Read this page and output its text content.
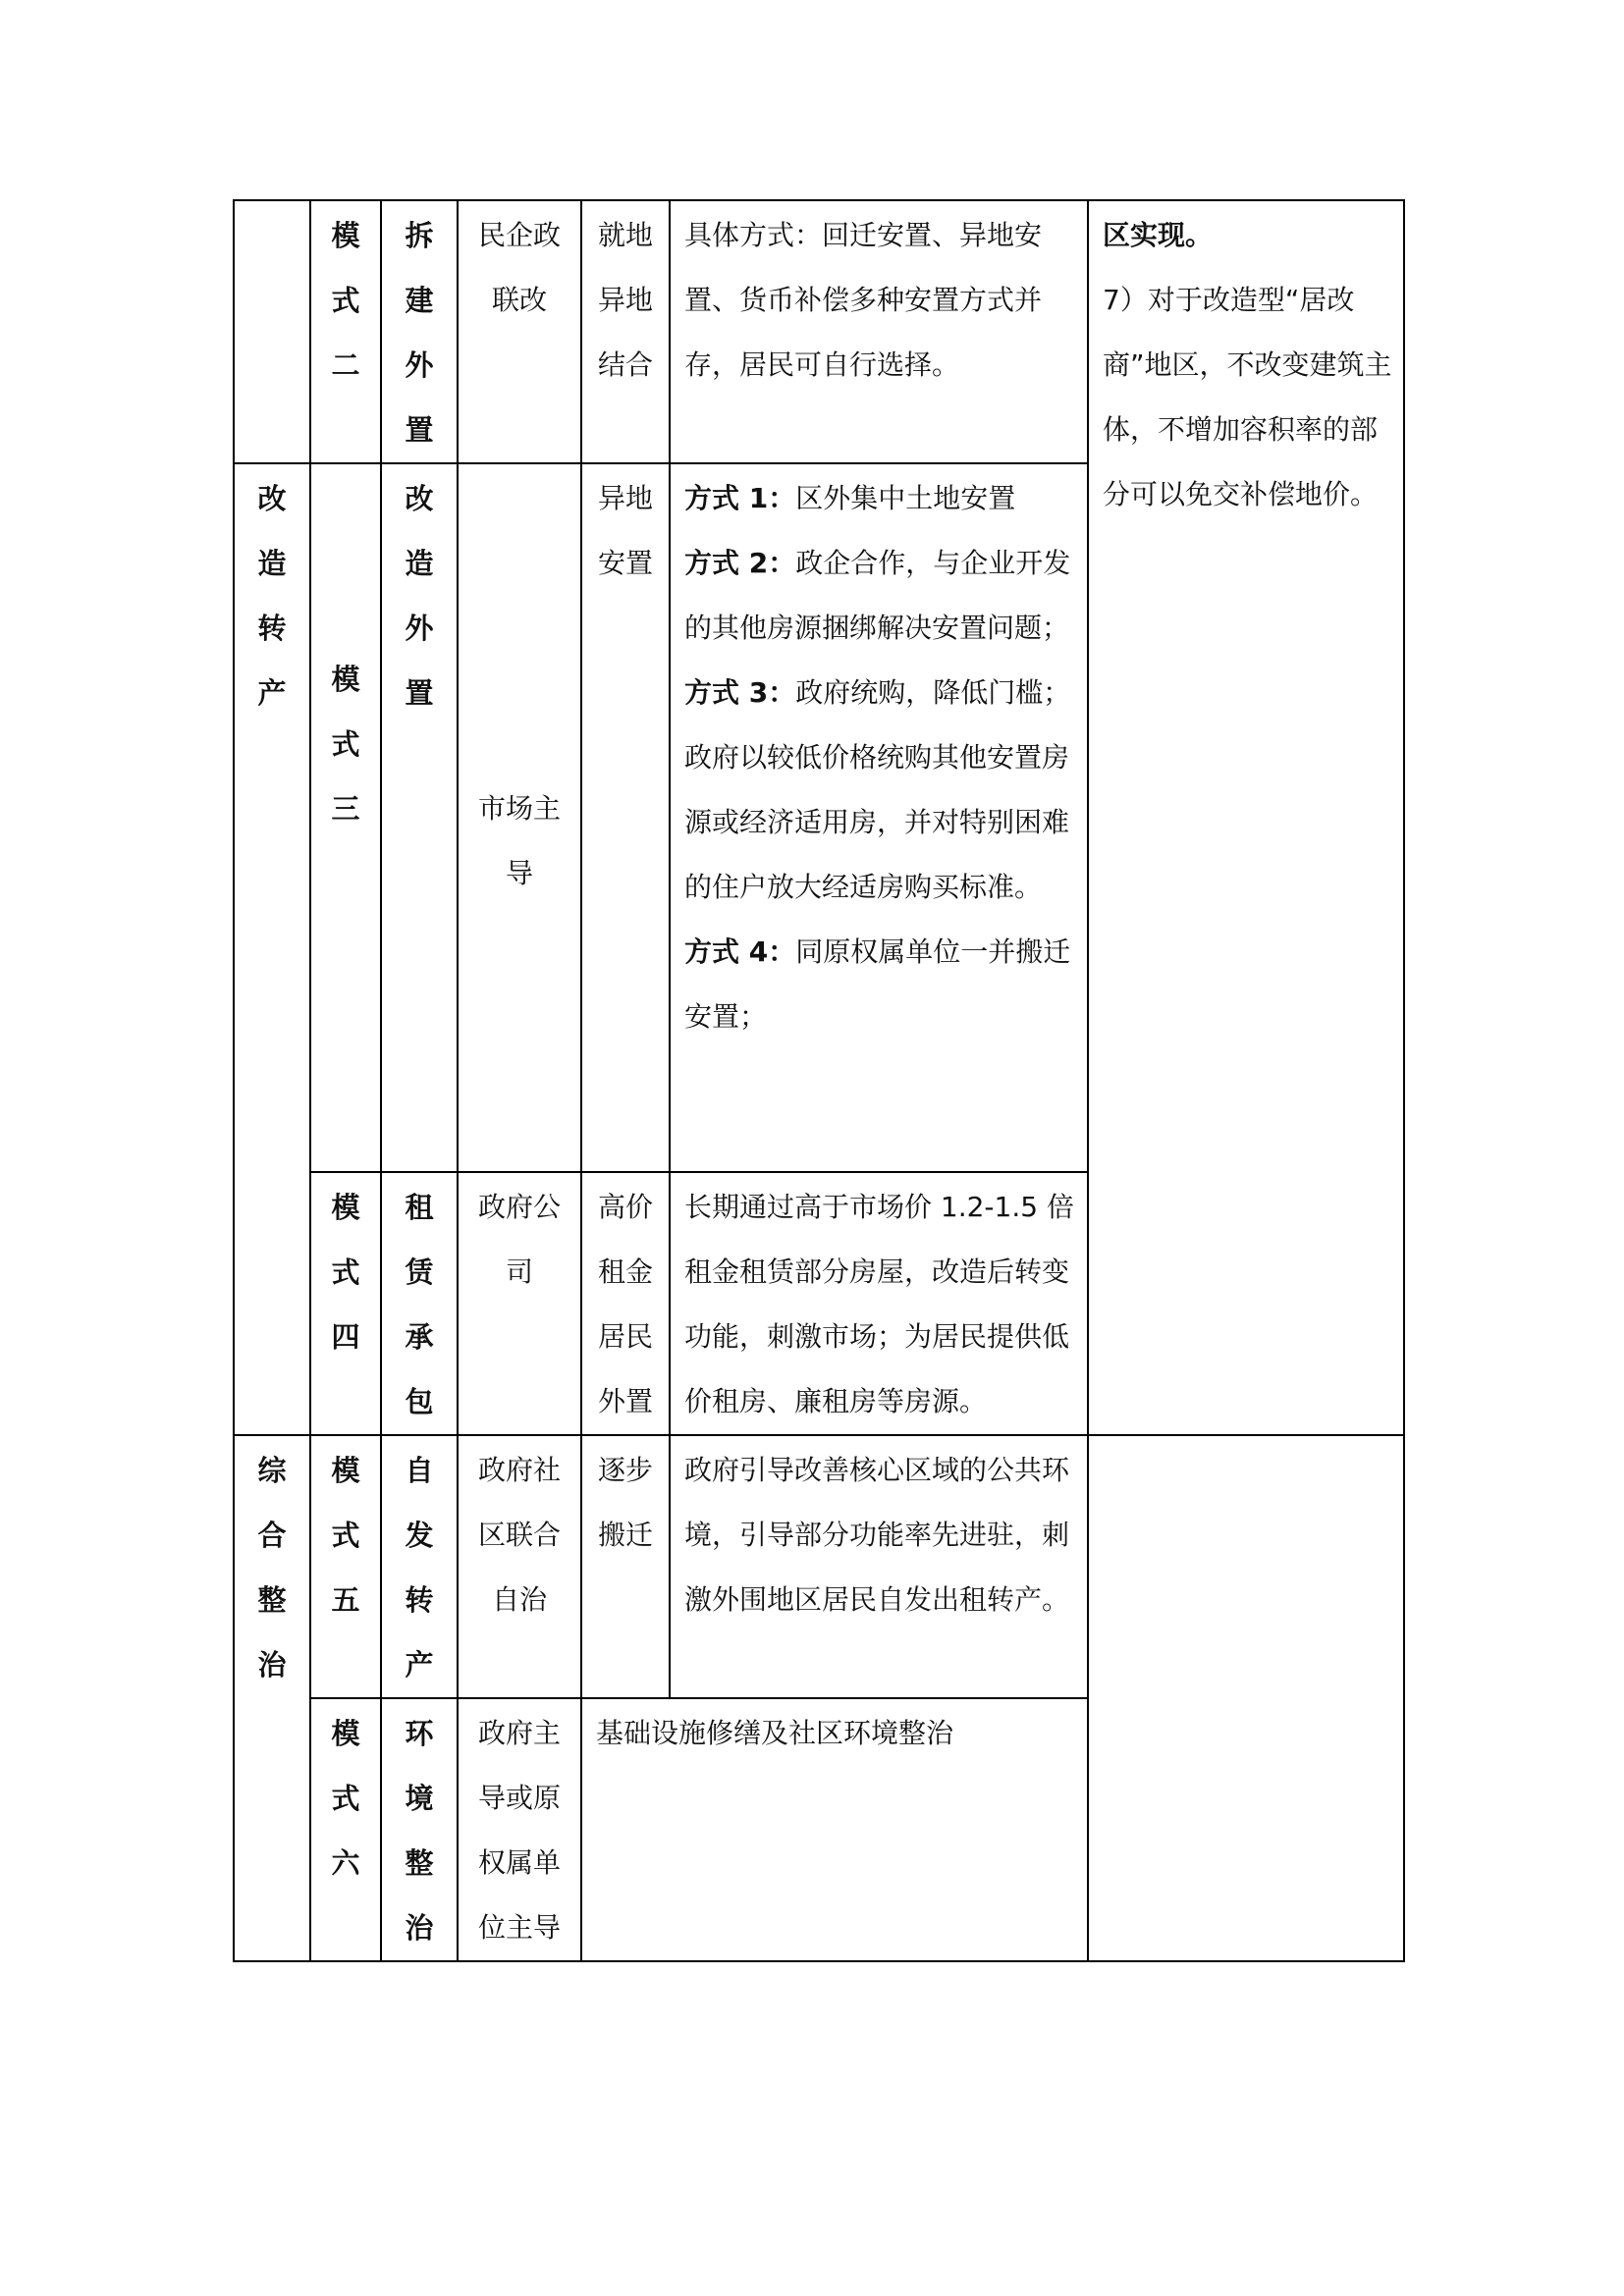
	模式二	拆建外置	民企政联改	就地异地结合	具体方式：回迁安置、异地安置、货币补偿多种安置方式并存，居民可自行选择。	区实现。
7）对于改造型“居改商”地区，不改变建筑主体，不增加容积率的部分可以免交补偿地价。

改造转产	模式三	改造外置	市场主导	异地安置	方式 1：区外集中土地安置
方式 2：政企合作，与企业开发的其他房源捆绑解决安置问题；
方式 3：政府统购，降低门槛；政府以较低价格统购其他安置房源或经济适用房，并对特别困难的住户放大经适房购买标准。
方式 4：同原权属单位一并搬迁安置；	

	模式四	租赁承包	政府公司	高价租金居民外置	长期通过高于市场价 1.2-1.5 倍租金租赁部分房屋，改造后转变功能，刺激市场；为居民提供低价租房、廉租房等房源。	

综合整治	模式五	自发转产	政府社区联合自治	逐步搬迁	政府引导改善核心区域的公共环境，引导部分功能率先进驻，刺激外围地区居民自发出租转产。	

	模式六	环境整治	政府主导或原权属单位主导	基础设施修缮及社区环境整治		
